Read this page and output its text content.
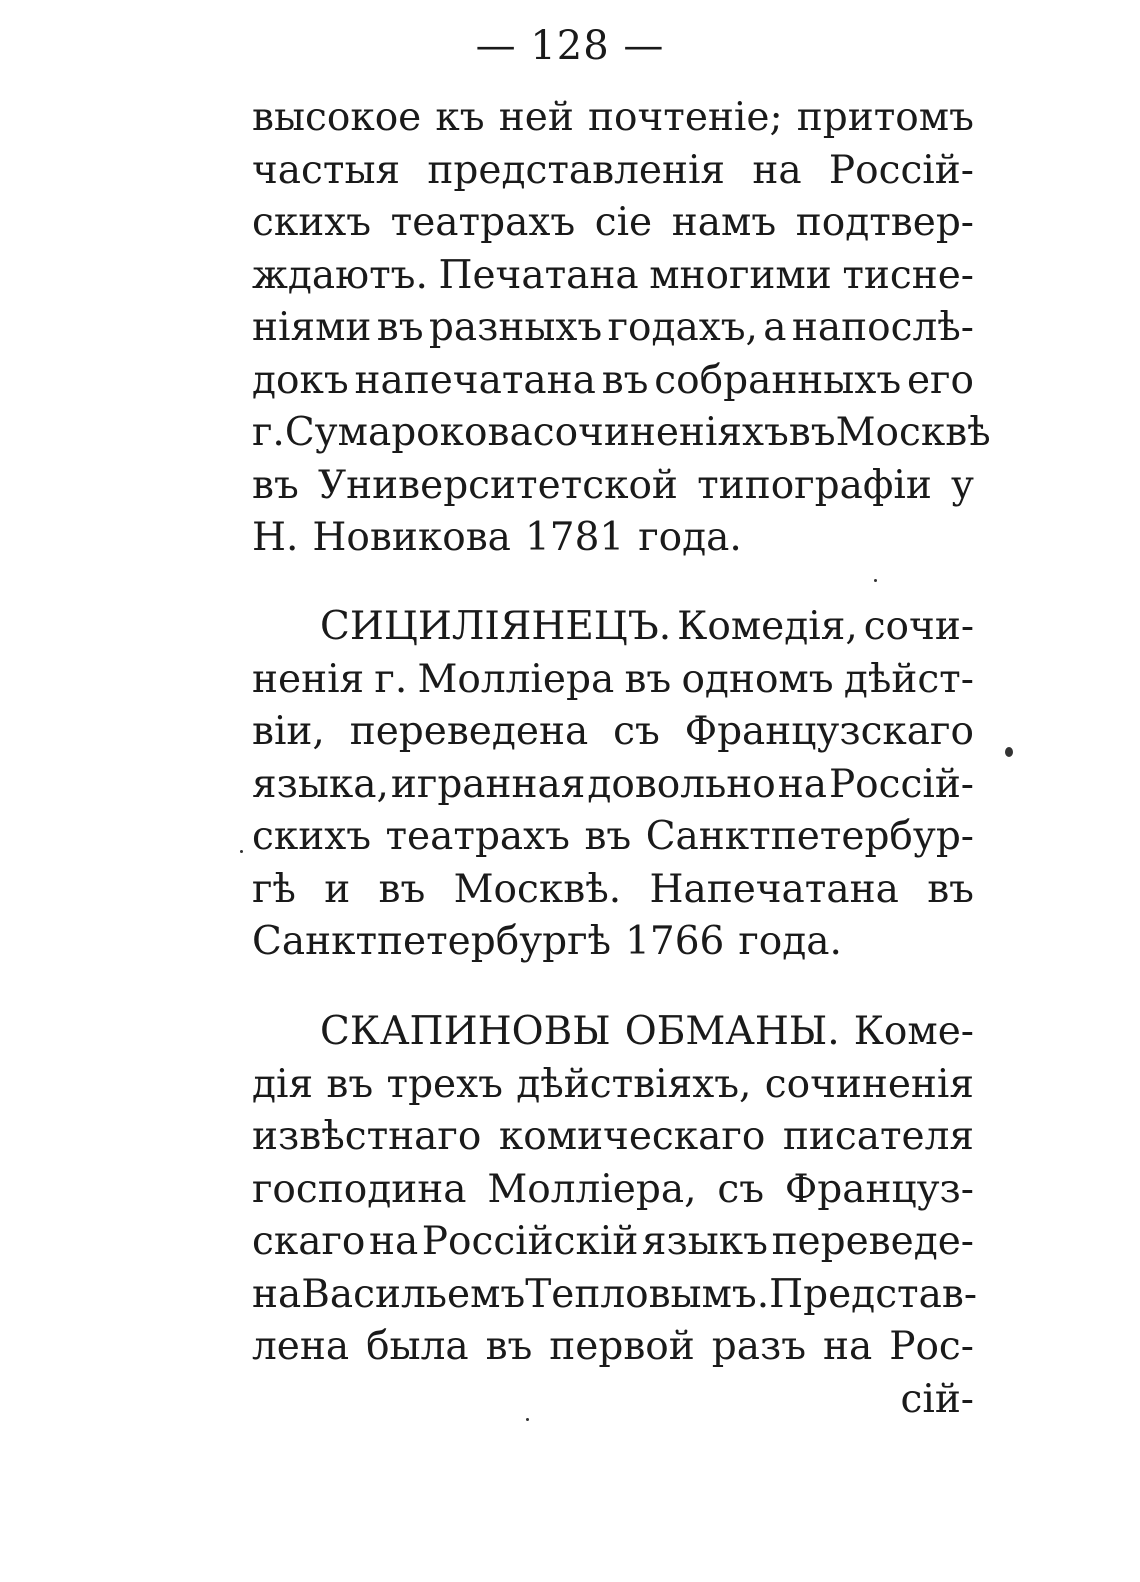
— 128 —
высокое къ ней почтеніе; притомъ
частыя представленія на Россій-
скихъ театрахъ сіе намъ подтвер-
ждаютъ. Печатана многими тисне-
ніями въ разныхъ годахъ, а напослѣ-
докъ напечатана въ собранныхъ его
г. Сумарокова сочиненіяхъ въ Москвѣ
въ Университетской типографіи у
Н. Новикова 1781 года.
СИЦИЛІЯНЕЦЪ. Комедія, сочи-
ненія г. Молліера въ одномъ дѣйст-
віи, переведена съ Французскаго
языка, игранная довольно на Россій-
скихъ театрахъ въ Санктпетербур-
гѣ и въ Москвѣ. Напечатана въ
Санктпетербургѣ 1766 года.
СКАПИНОВЫ ОБМАНЫ. Коме-
дія въ трехъ дѣйствіяхъ, сочиненія
извѣстнаго комическаго писателя
господина Молліера, съ Француз-
скаго на Россійскій языкъ переведе-
на Васильемъ Тепловымъ. Представ-
лена была въ первой разъ на Рос-
сій-
